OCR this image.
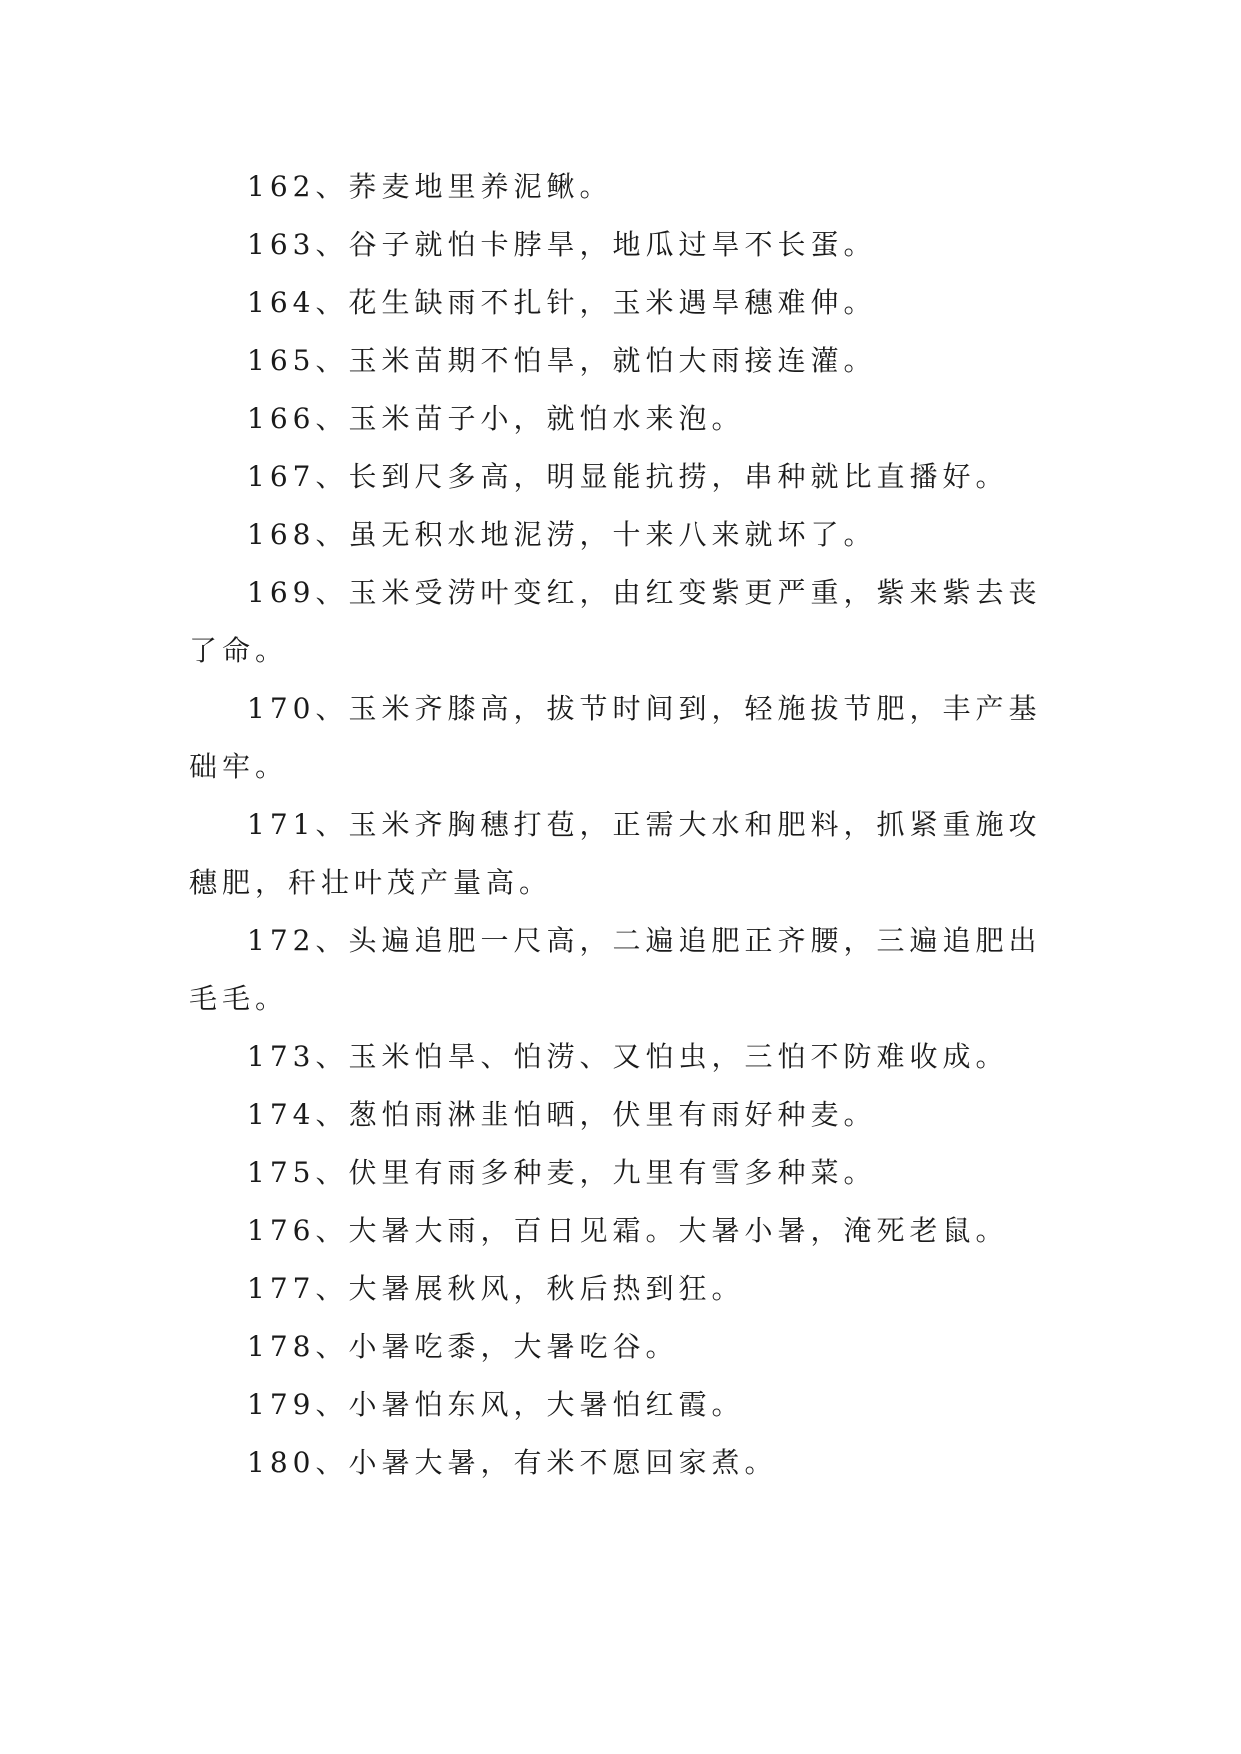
162、荞麦地里养泥鳅。

163、谷子就怕卡脖旱，地瓜过旱不长蛋。

164、花生缺雨不扎针，玉米遇旱穗难伸。

165、玉米苗期不怕旱，就怕大雨接连灌。

166、玉米苗子小，就怕水来泡。

167、长到尺多高，明显能抗捞，串种就比直播好。

168、虽无积水地泥涝，十来八来就坏了。

169、玉米受涝叶变红，由红变紫更严重，紫来紫去丧了命。

170、玉米齐膝高，拔节时间到，轻施拔节肥，丰产基础牢。

171、玉米齐胸穗打苞，正需大水和肥料，抓紧重施攻穗肥，秆壮叶茂产量高。

172、头遍追肥一尺高，二遍追肥正齐腰，三遍追肥出毛毛。

173、玉米怕旱、怕涝、又怕虫，三怕不防难收成。

174、葱怕雨淋韭怕晒，伏里有雨好种麦。

175、伏里有雨多种麦，九里有雪多种菜。

176、大暑大雨，百日见霜。大暑小暑，淹死老鼠。

177、大暑展秋风，秋后热到狂。

178、小暑吃黍，大暑吃谷。

179、小暑怕东风，大暑怕红霞。

180、小暑大暑，有米不愿回家煮。
